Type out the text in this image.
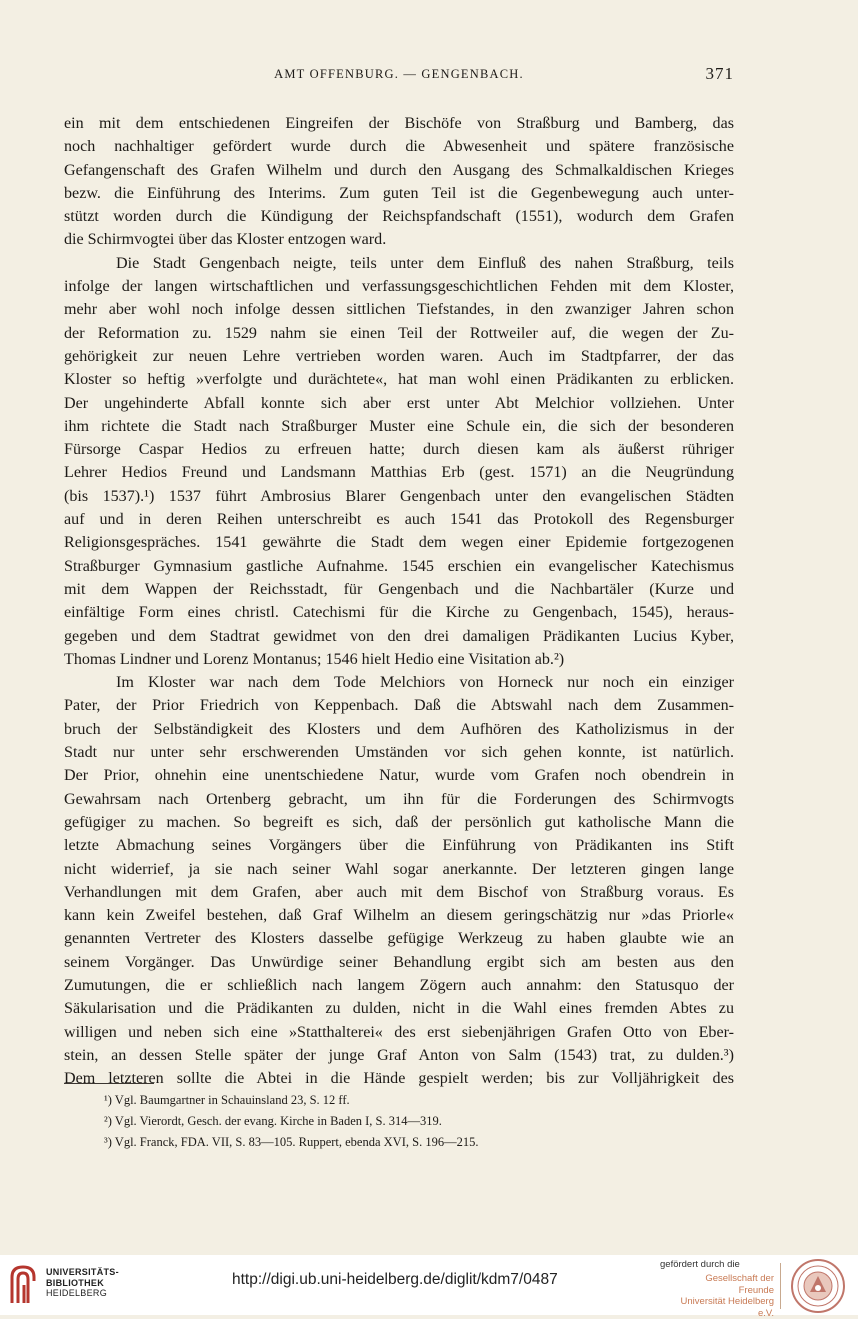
AMT OFFENBURG. — GENGENBACH.	371
ein mit dem entschiedenen Eingreifen der Bischöfe von Straßburg und Bamberg, das
noch nachhaltiger gefördert wurde durch die Abwesenheit und spätere französische
Gefangenschaft des Grafen Wilhelm und durch den Ausgang des Schmalkaldischen Krieges
bezw. die Einführung des Interims. Zum guten Teil ist die Gegenbewegung auch unter-
stützt worden durch die Kündigung der Reichspfandschaft (1551), wodurch dem Grafen
die Schirmvogtei über das Kloster entzogen ward.
Die Stadt Gengenbach neigte, teils unter dem Einfluß des nahen Straßburg, teils
infolge der langen wirtschaftlichen und verfassungsgeschichtlichen Fehden mit dem Kloster,
mehr aber wohl noch infolge dessen sittlichen Tiefstandes, in den zwanziger Jahren schon
der Reformation zu. 1529 nahm sie einen Teil der Rottweiler auf, die wegen der Zu-
gehörigkeit zur neuen Lehre vertrieben worden waren. Auch im Stadtpfarrer, der das
Kloster so heftig »verfolgte und durächtete«, hat man wohl einen Prädikanten zu erblicken.
Der ungehinderte Abfall konnte sich aber erst unter Abt Melchior vollziehen. Unter
ihm richtete die Stadt nach Straßburger Muster eine Schule ein, die sich der besonderen
Fürsorge Caspar Hedios zu erfreuen hatte; durch diesen kam als äußerst rühriger
Lehrer Hedios Freund und Landsmann Matthias Erb (gest. 1571) an die Neugründung
(bis 1537).¹) 1537 führt Ambrosius Blarer Gengenbach unter den evangelischen Städten
auf und in deren Reihen unterschreibt es auch 1541 das Protokoll des Regensburger
Religionsgespräches. 1541 gewährte die Stadt dem wegen einer Epidemie fortgezogenen
Straßburger Gymnasium gastliche Aufnahme. 1545 erschien ein evangelischer Katechismus
mit dem Wappen der Reichsstadt, für Gengenbach und die Nachbartäler (Kurze und
einfältige Form eines christl. Catechismi für die Kirche zu Gengenbach, 1545), heraus-
gegeben und dem Stadtrat gewidmet von den drei damaligen Prädikanten Lucius Kyber,
Thomas Lindner und Lorenz Montanus; 1546 hielt Hedio eine Visitation ab.²)
Im Kloster war nach dem Tode Melchiors von Horneck nur noch ein einziger
Pater, der Prior Friedrich von Keppenbach. Daß die Abtswahl nach dem Zusammen-
bruch der Selbständigkeit des Klosters und dem Aufhören des Katholizismus in der
Stadt nur unter sehr erschwerenden Umständen vor sich gehen konnte, ist natürlich.
Der Prior, ohnehin eine unentschiedene Natur, wurde vom Grafen noch obendrein in
Gewahrsam nach Ortenberg gebracht, um ihn für die Forderungen des Schirmvogts
gefügiger zu machen. So begreift es sich, daß der persönlich gut katholische Mann die
letzte Abmachung seines Vorgängers über die Einführung von Prädikanten ins Stift
nicht widerrief, ja sie nach seiner Wahl sogar anerkannte. Der letzteren gingen lange
Verhandlungen mit dem Grafen, aber auch mit dem Bischof von Straßburg voraus. Es
kann kein Zweifel bestehen, daß Graf Wilhelm an diesem geringschätzig nur »das Priorle«
genannten Vertreter des Klosters dasselbe gefügige Werkzeug zu haben glaubte wie an
seinem Vorgänger. Das Unwürdige seiner Behandlung ergibt sich am besten aus den
Zumutungen, die er schließlich nach langem Zögern auch annahm: den Statusquo der
Säkularisation und die Prädikanten zu dulden, nicht in die Wahl eines fremden Abtes zu
willigen und neben sich eine »Statthalterei« des erst siebenjährigen Grafen Otto von Eber-
stein, an dessen Stelle später der junge Graf Anton von Salm (1543) trat, zu dulden.³)
Dem letzteren sollte die Abtei in die Hände gespielt werden; bis zur Volljährigkeit des
¹) Vgl. Baumgartner in Schauinsland 23, S. 12 ff.
²) Vgl. Vierordt, Gesch. der evang. Kirche in Baden I, S. 314—319.
³) Vgl. Franck, FDA. VII, S. 83—105. Ruppert, ebenda XVI, S. 196—215.
UNIVERSITÄTS-
BIBLIOTHEK
HEIDELBERG
http://digi.ub.uni-heidelberg.de/diglit/kdm7/0487
gefördert durch die
Gesellschaft der Freunde
Universität Heidelberg e.V.
